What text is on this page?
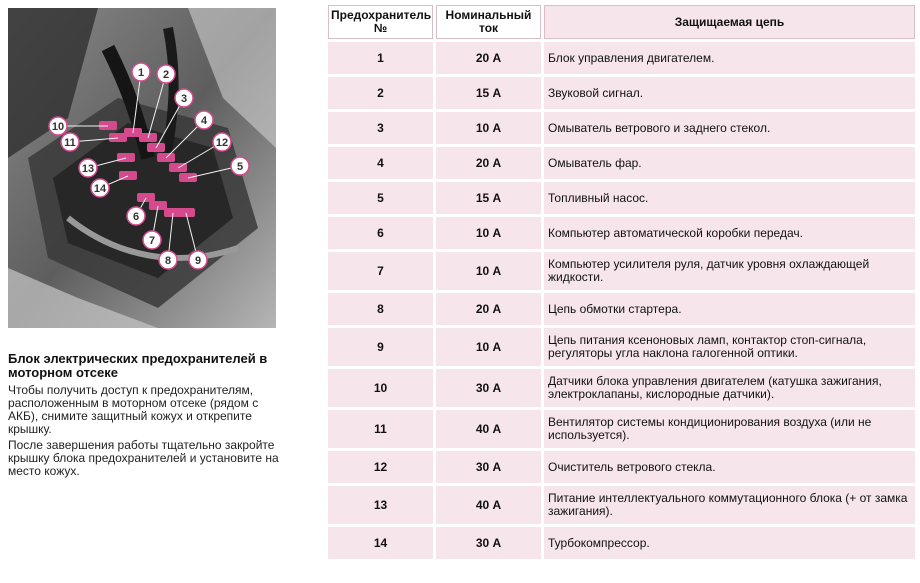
1 2
3
4
5
6
7
8 9
10
11	12
13
14
Блок электрических предохранителей в моторном отсеке

Чтобы получить доступ к предохранителям, расположенным в моторном отсеке (рядом с АКБ), снимите защитный кожух и открепите крышку.

После завершения работы тщательно закройте крышку блока предохранителей и установите на место кожух.

Предохранитель №	Номинальный ток	Защищаемая цепь
1	20 А	Блок управления двигателем.
2	15 А	Звуковой сигнал.
3	10 А	Омыватель ветрового и заднего стекол.
4	20 А	Омыватель фар.
5	15 А	Топливный насос.
6	10 А	Компьютер автоматической коробки передач.
7	10 А	Компьютер усилителя руля, датчик уровня охлаждающей жидкости.
8	20 А	Цепь обмотки стартера.
9	10 А	Цепь питания ксеноновых ламп, контактор стоп-сигнала, регуляторы угла наклона галогенной оптики.
10	30 А	Датчики блока управления двигателем (катушка зажигания, электроклапаны, кислородные датчики).
11	40 А	Вентилятор системы кондиционирования воздуха (или не используется).
12	30 А	Очиститель ветрового стекла.
13	40 А	Питание интеллектуального коммутационного блока (+ от замка зажигания).
14	30 А	Турбокомпрессор.
